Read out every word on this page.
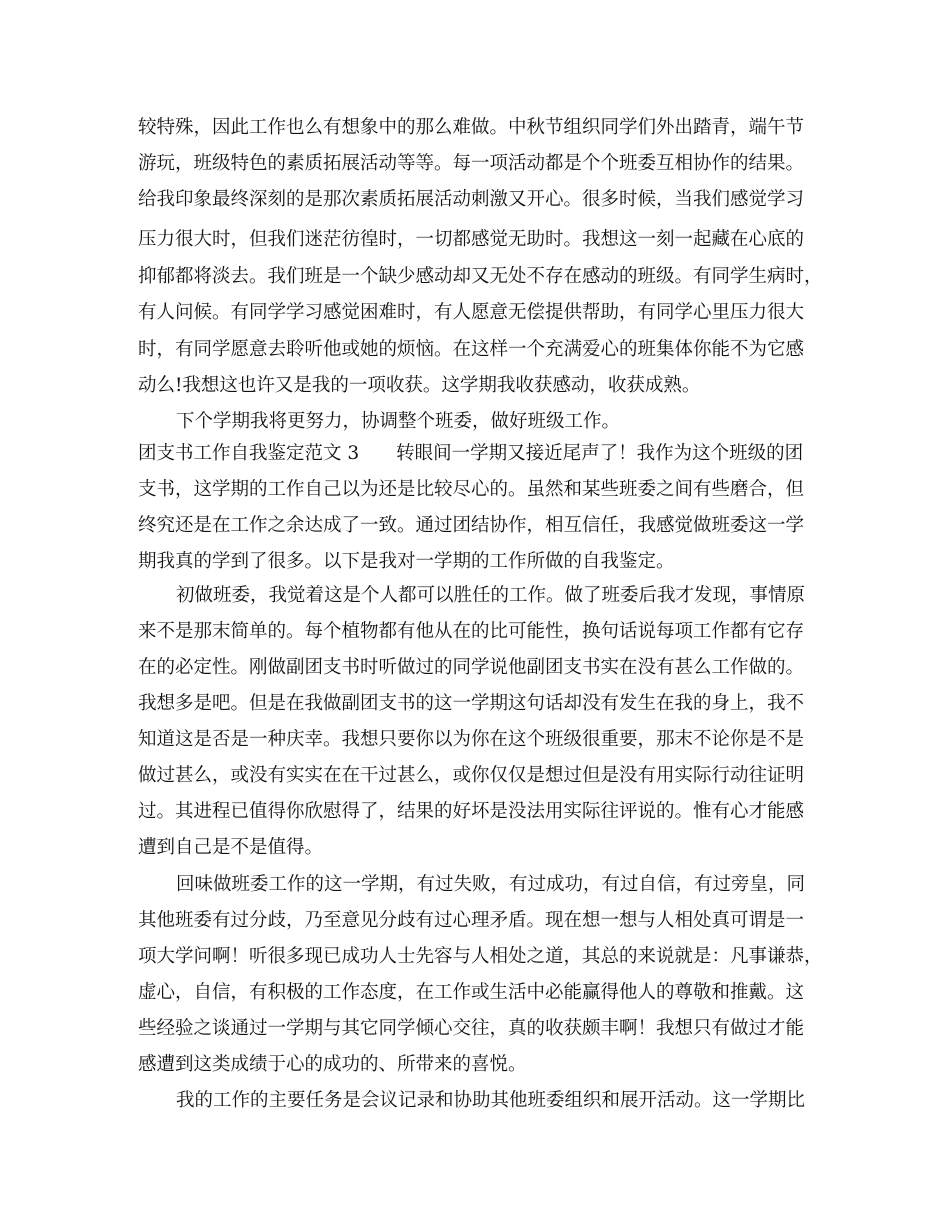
较特殊，因此工作也么有想象中的那么难做。中秋节组织同学们外出踏青，端午节
游玩，班级特色的素质拓展活动等等。每一项活动都是个个班委互相协作的结果。
给我印象最终深刻的是那次素质拓展活动刺激又开心。很多时候，当我们感觉学习
压力很大时，但我们迷茫彷徨时，一切都感觉无助时。我想这一刻一起藏在心底的
抑郁都将淡去。我们班是一个缺少感动却又无处不存在感动的班级。有同学生病时，
有人问候。有同学学习感觉困难时，有人愿意无偿提供帮助，有同学心里压力很大
时，有同学愿意去聆听他或她的烦恼。在这样一个充满爱心的班集体你能不为它感
动么!我想这也许又是我的一项收获。这学期我收获感动，收获成熟。
下个学期我将更努力，协调整个班委，做好班级工作。
团支书工作自我鉴定范文 3　　转眼间一学期又接近尾声了！我作为这个班级的团
支书，这学期的工作自己以为还是比较尽心的。虽然和某些班委之间有些磨合，但
终究还是在工作之余达成了一致。通过团结协作，相互信任，我感觉做班委这一学
期我真的学到了很多。以下是我对一学期的工作所做的自我鉴定。
初做班委，我觉着这是个人都可以胜任的工作。做了班委后我才发现，事情原
来不是那末简单的。每个植物都有他从在的比可能性，换句话说每项工作都有它存
在的必定性。刚做副团支书时听做过的同学说他副团支书实在没有甚么工作做的。
我想多是吧。但是在我做副团支书的这一学期这句话却没有发生在我的身上，我不
知道这是否是一种庆幸。我想只要你以为你在这个班级很重要，那末不论你是不是
做过甚么，或没有实实在在干过甚么，或你仅仅是想过但是没有用实际行动往证明
过。其进程已值得你欣慰得了，结果的好坏是没法用实际往评说的。惟有心才能感
遭到自己是不是值得。
回味做班委工作的这一学期，有过失败，有过成功，有过自信，有过旁皇，同
其他班委有过分歧，乃至意见分歧有过心理矛盾。现在想一想与人相处真可谓是一
项大学问啊！听很多现已成功人士先容与人相处之道，其总的来说就是：凡事谦恭，
虚心，自信，有积极的工作态度，在工作或生活中必能赢得他人的尊敬和推戴。这
些经验之谈通过一学期与其它同学倾心交往，真的收获颇丰啊！我想只有做过才能
感遭到这类成绩于心的成功的、所带来的喜悦。
我的工作的主要任务是会议记录和协助其他班委组织和展开活动。这一学期比
